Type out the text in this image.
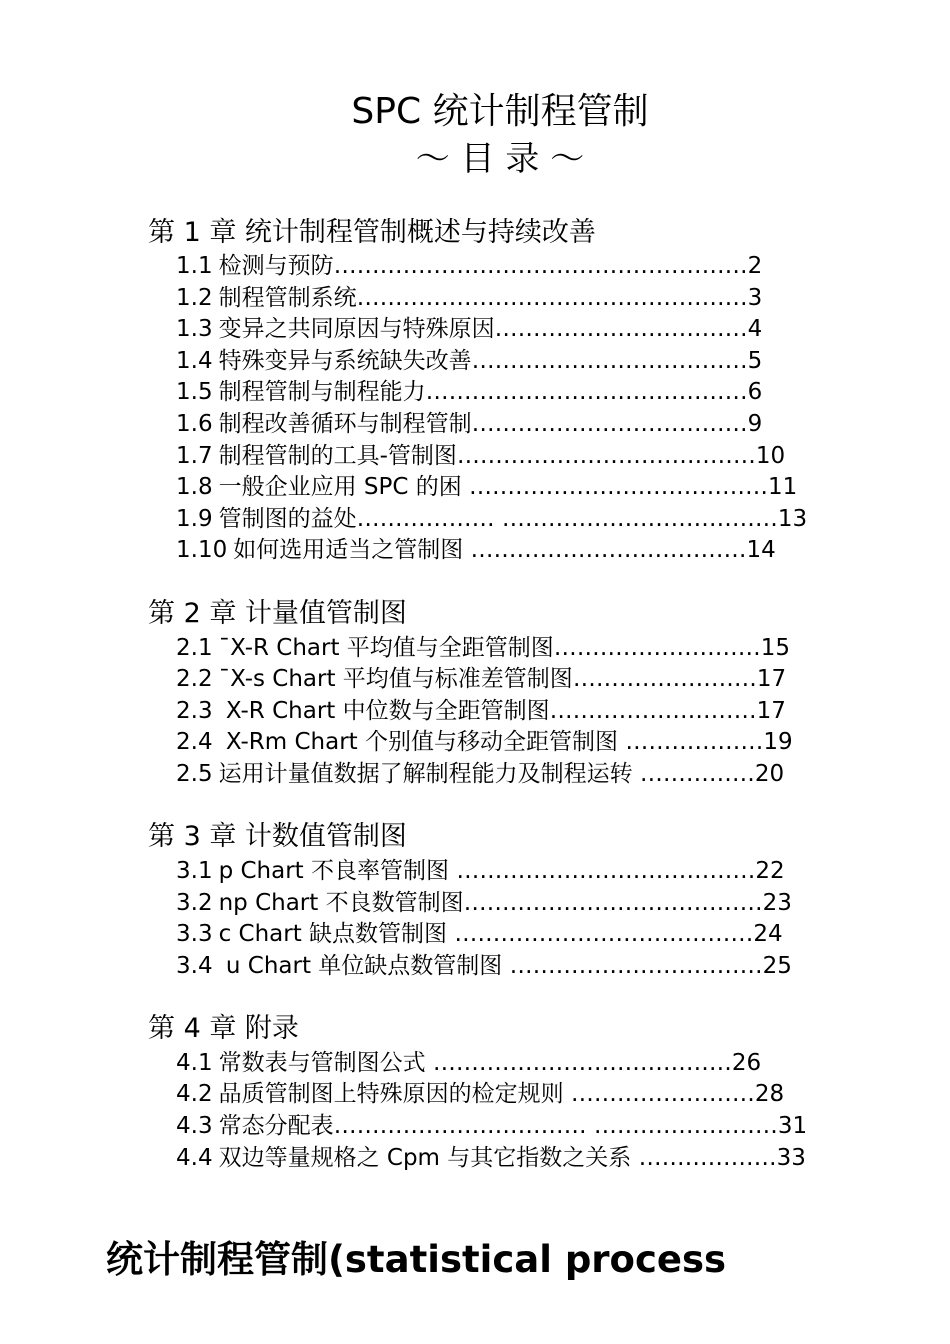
SPC 统计制程管制
～ 目 录 ～
第 1 章 统计制程管制概述与持续改善
1.1 检测与预防………………………………………………2
1.2 制程管制系统……………………………………………3
1.3 变异之共同原因与特殊原因……………………………4
1.4 特殊变异与系统缺失改善………………………………5
1.5 制程管制与制程能力……………………………………6
1.6 制程改善循环与制程管制………………………………9
1.7 制程管制的工具-管制图…………………………………10
1.8 一般企业应用 SPC 的困 …………………………………11
1.9 管制图的益处……………… ………………………………13
1.10 如何选用适当之管制图 ………………………………14
第 2 章 计量值管制图
2.1 ¯X-R Chart 平均值与全距管制图………………………15
2.2 ¯X-s Chart 平均值与标准差管制图……………………17
2.3 X-R Chart 中位数与全距管制图………………………17
2.4 X-Rm Chart 个别值与移动全距管制图 ………………19
2.5 运用计量值数据了解制程能力及制程运转 ……………20
第 3 章 计数值管制图
3.1 p Chart 不良率管制图 …………………………………22
3.2 np Chart 不良数管制图…………………………………23
3.3 c Chart 缺点数管制图 …………………………………24
3.4 u Chart 单位缺点数管制图 ……………………………25
第 4 章 附录
4.1 常数表与管制图公式 …………………………………26
4.2 品质管制图上特殊原因的检定规则 ……………………28
4.3 常态分配表…………………………… ……………………31
4.4 双边等量规格之 Cpm 与其它指数之关系 ………………33
统计制程管制(statistical process
